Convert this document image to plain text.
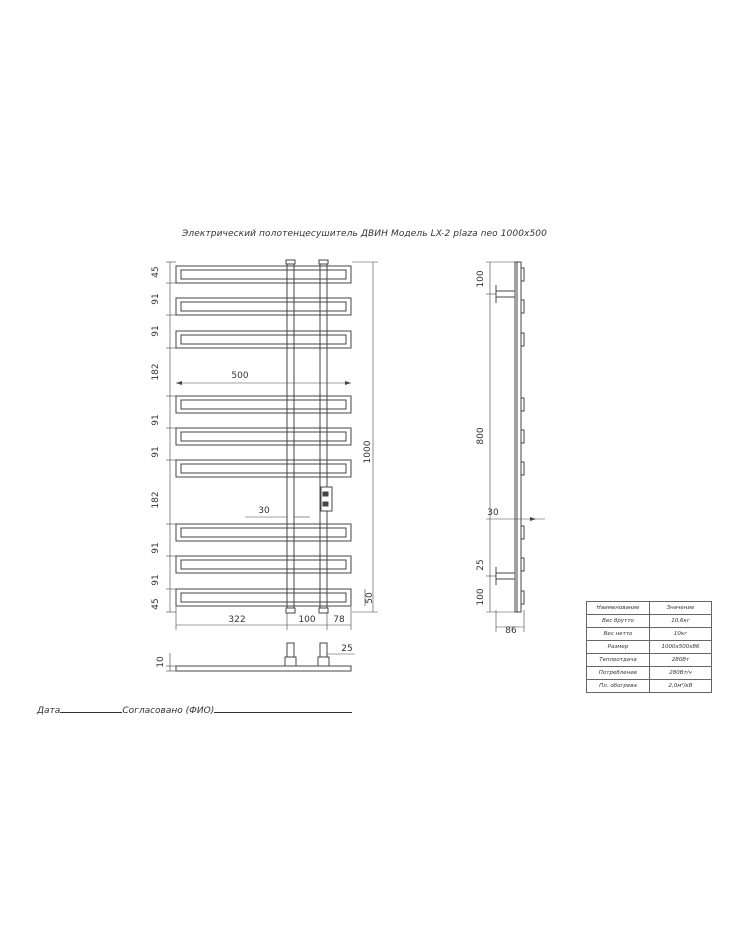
Электрический полотенцесушитель ДВИН Модель LX-2 plaza neo 1000x500
45
91
91
182
91
91
182
91
91
45
500
1000
30
322	100 78
50
100
800
25
100
30
86
10
25
Наименование	Значение
Вес брутто	10,6кг
Вес нетто	10кг
Размер	1000х500х86
Теплоотдача	280Вт
Потребление	280Вт/ч
Пл. обогрева	2,0м²/кВ
Дата	Согласовано (ФИО)
